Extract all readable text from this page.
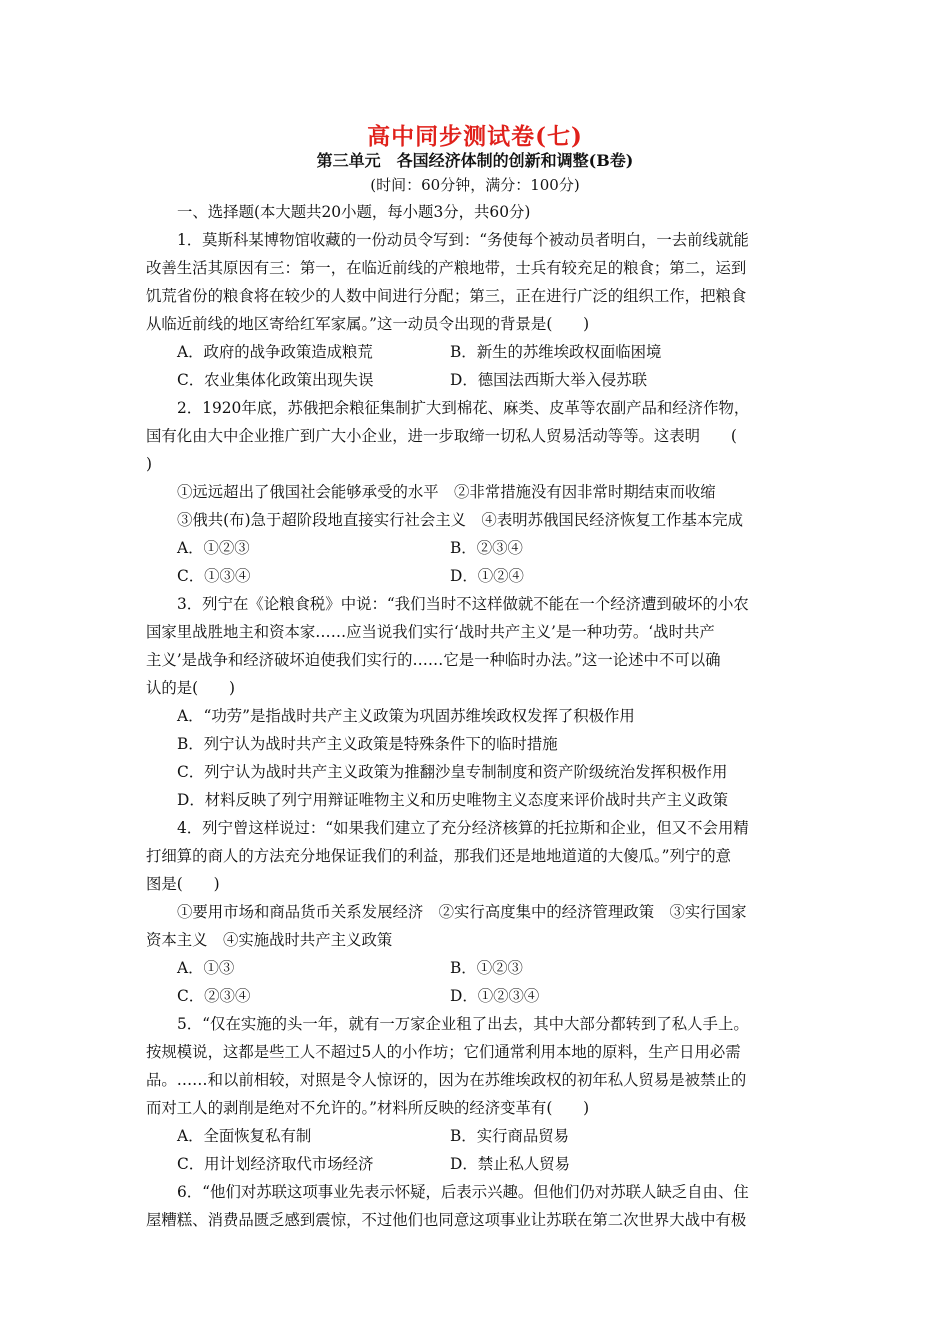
高中同步测试卷(七)
第三单元　各国经济体制的创新和调整(B卷)
(时间：60分钟，满分：100分)
一、选择题(本大题共20小题，每小题3分，共60分)
1．莫斯科某博物馆收藏的一份动员令写到：“务使每个被动员者明白，一去前线就能
改善生活其原因有三：第一，在临近前线的产粮地带，士兵有较充足的粮食；第二，运到
饥荒省份的粮食将在较少的人数中间进行分配；第三，正在进行广泛的组织工作，把粮食
从临近前线的地区寄给红军家属。”这一动员令出现的背景是(　　)
A．政府的战争政策造成粮荒	B．新生的苏维埃政权面临困境
C．农业集体化政策出现失误	D．德国法西斯大举入侵苏联
2．1920年底，苏俄把余粮征集制扩大到棉花、麻类、皮革等农副产品和经济作物，
国有化由大中企业推广到广大小企业，进一步取缔一切私人贸易活动等等。这表明　　(
)
①远远超出了俄国社会能够承受的水平　②非常措施没有因非常时期结束而收缩
③俄共(布)急于超阶段地直接实行社会主义　④表明苏俄国民经济恢复工作基本完成
A．①②③	B．②③④
C．①③④	D．①②④
3．列宁在《论粮食税》中说：“我们当时不这样做就不能在一个经济遭到破坏的小农
国家里战胜地主和资本家……应当说我们实行‘战时共产主义’是一种功劳。‘战时共产
主义’是战争和经济破坏迫使我们实行的……它是一种临时办法。”这一论述中不可以确
认的是(　　)
A．“功劳”是指战时共产主义政策为巩固苏维埃政权发挥了积极作用
B．列宁认为战时共产主义政策是特殊条件下的临时措施
C．列宁认为战时共产主义政策为推翻沙皇专制制度和资产阶级统治发挥积极作用
D．材料反映了列宁用辩证唯物主义和历史唯物主义态度来评价战时共产主义政策
4．列宁曾这样说过：“如果我们建立了充分经济核算的托拉斯和企业，但又不会用精
打细算的商人的方法充分地保证我们的利益，那我们还是地地道道的大傻瓜。”列宁的意
图是(　　)
①要用市场和商品货币关系发展经济　②实行高度集中的经济管理政策　③实行国家
资本主义　④实施战时共产主义政策
A．①③	B．①②③
C．②③④	D．①②③④
5．“仅在实施的头一年，就有一万家企业租了出去，其中大部分都转到了私人手上。
按规模说，这都是些工人不超过5人的小作坊；它们通常利用本地的原料，生产日用必需
品。……和以前相较，对照是令人惊讶的，因为在苏维埃政权的初年私人贸易是被禁止的
而对工人的剥削是绝对不允许的。”材料所反映的经济变革有(　　)
A．全面恢复私有制	B．实行商品贸易
C．用计划经济取代市场经济	D．禁止私人贸易
6．“他们对苏联这项事业先表示怀疑，后表示兴趣。但他们仍对苏联人缺乏自由、住
屋糟糕、消费品匮乏感到震惊，不过他们也同意这项事业让苏联在第二次世界大战中有极
